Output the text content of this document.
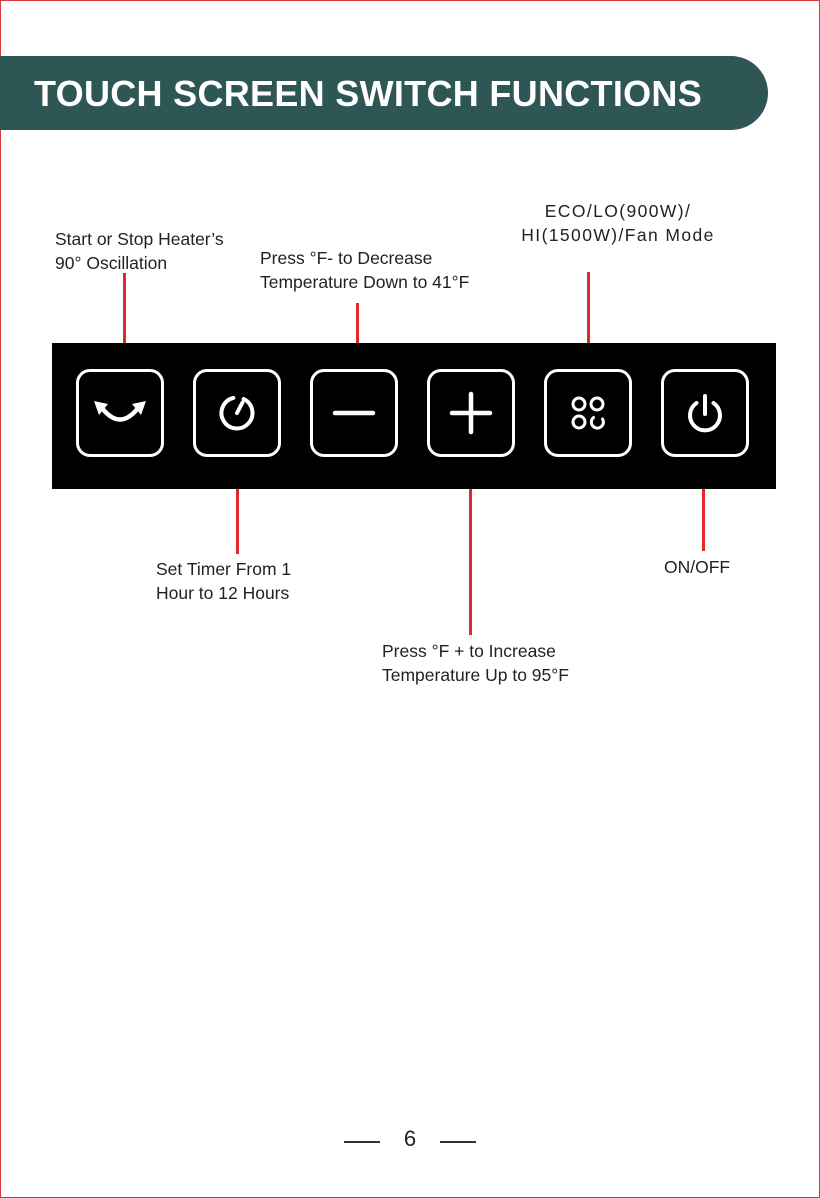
TOUCH SCREEN SWITCH FUNCTIONS
Start or Stop Heater’s
90° Oscillation	Press °F- to Decrease
Temperature Down to 41°F
ECO/LO(900W)/
HI(1500W)/Fan Mode
Set Timer From 1
Hour to 12 Hours
Press °F + to Increase
Temperature Up to 95°F
ON/OFF
6
